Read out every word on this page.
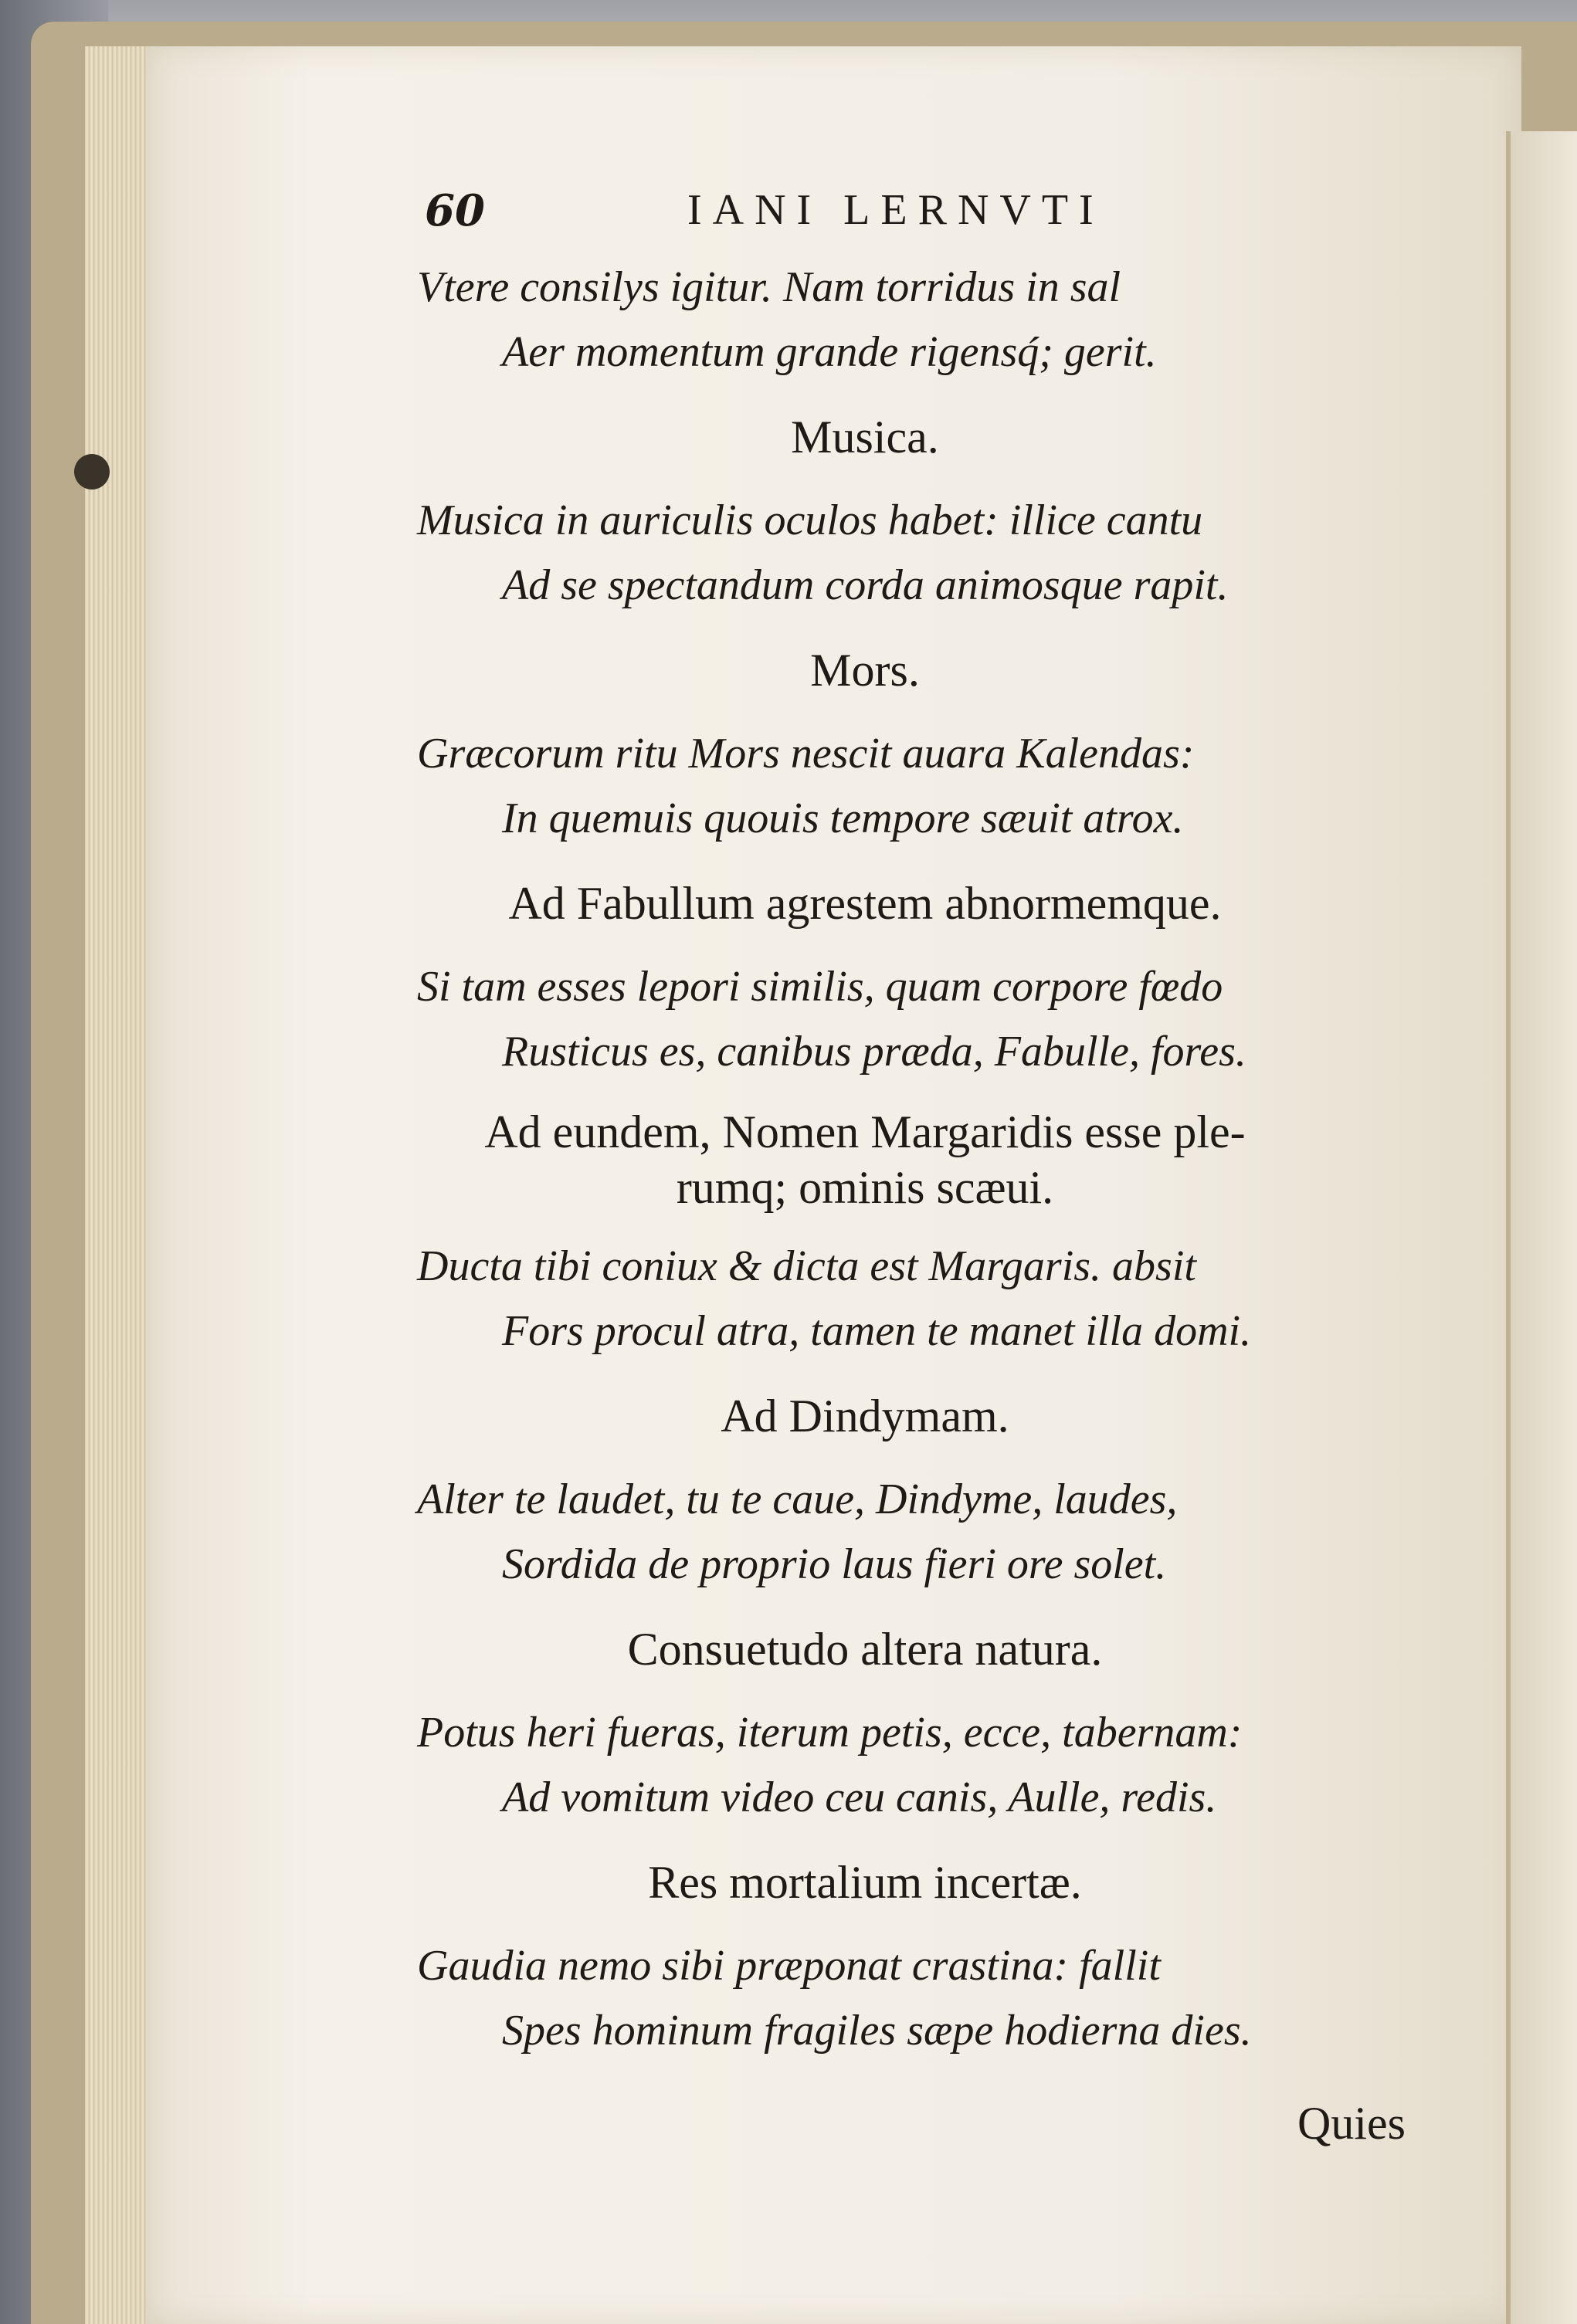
60	IANI LERNVTI
Vtere consilys igitur. Nam torridus in sal
Aer momentum grande rigensq́; gerit.
Musica.
Musica in auriculis oculos habet: illice cantu
Ad se spectandum corda animosque rapit.
Mors.
Græcorum ritu Mors nescit auara Kalendas:
In quemuis quouis tempore sæuit atrox.
Ad Fabullum agrestem abnormemque.
Si tam esses lepori similis, quam corpore fœdo
Rusticus es, canibus præda, Fabulle, fores.
Ad eundem, Nomen Margaridis esse ple-
rumq; ominis scæui.
Ducta tibi coniux & dicta est Margaris. absit
Fors procul atra, tamen te manet illa domi.
Ad Dindymam.
Alter te laudet, tu te caue, Dindyme, laudes,
Sordida de proprio laus fieri ore solet.
Consuetudo altera natura.
Potus heri fueras, iterum petis, ecce, tabernam:
Ad vomitum video ceu canis, Aulle, redis.
Res mortalium incertæ.
Gaudia nemo sibi præponat crastina: fallit
Spes hominum fragiles sæpe hodierna dies.
Quies
